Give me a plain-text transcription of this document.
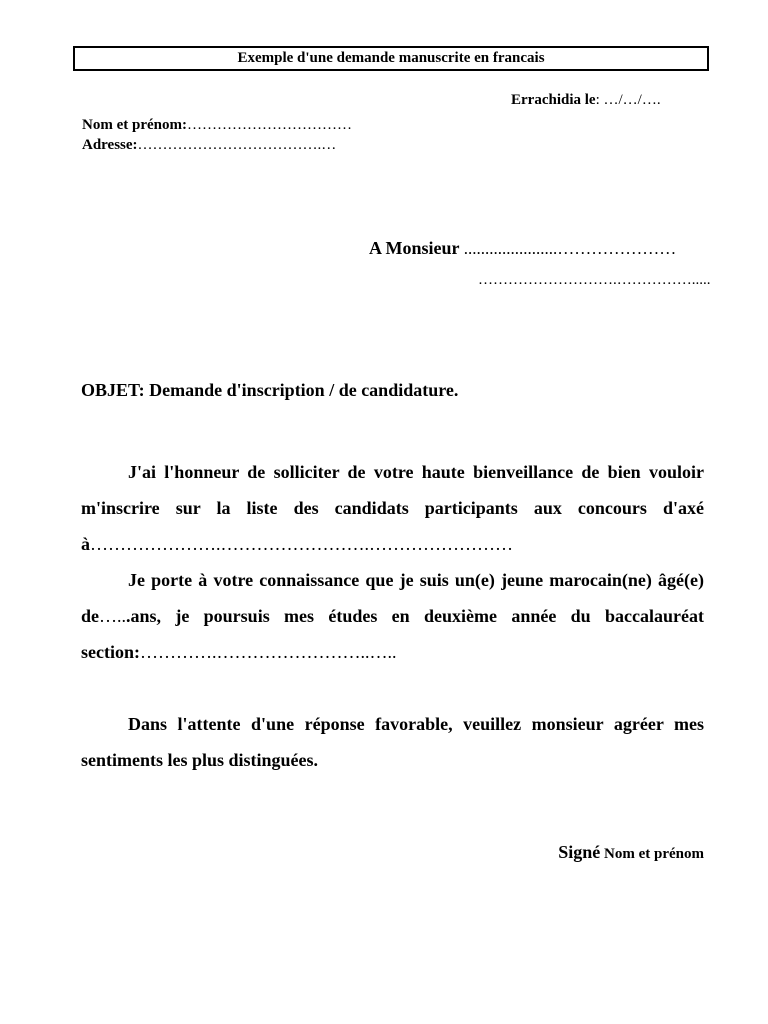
Exemple d'une demande manuscrite en francais
Errachidia le: …/…/….
Nom et prénom:……………………………
Adresse:……………………………….…
A Monsieur ......................…………………
……………………….…………….....
OBJET: Demande d'inscription / de candidature.
J'ai l'honneur de solliciter de votre haute bienveillance de bien vouloir m'inscrire sur la liste des candidats participants aux concours d'axé à………………….…………………….……………………
Je porte à votre connaissance que je suis un(e) jeune marocain(ne) âgé(e) de…...ans, je poursuis mes études en deuxième année du baccalauréat section:………….……………………..…..
Dans l'attente d'une réponse favorable, veuillez monsieur agréer mes sentiments les plus distinguées.
Signé Nom et prénom
